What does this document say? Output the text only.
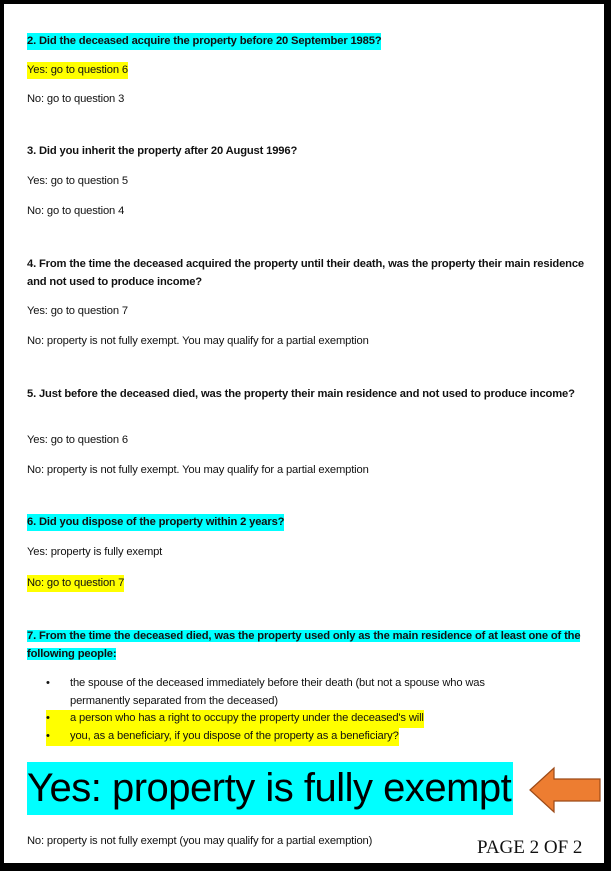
2. Did the deceased acquire the property before 20 September 1985?
Yes: go to question 6
No: go to question 3
3. Did you inherit the property after 20 August 1996?
Yes: go to question 5
No: go to question 4
4. From the time the deceased acquired the property until their death, was the property their main residence and not used to produce income?
Yes: go to question 7
No: property is not fully exempt. You may qualify for a partial exemption
5. Just before the deceased died, was the property their main residence and not used to produce income?
Yes: go to question 6
No: property is not fully exempt. You may qualify for a partial exemption
6. Did you dispose of the property within 2 years?
Yes: property is fully exempt
No: go to question 7
7. From the time the deceased died, was the property used only as the main residence of at least one of the following people:
• the spouse of the deceased immediately before their death (but not a spouse who was permanently separated from the deceased)
• a person who has a right to occupy the property under the deceased's will
• you, as a beneficiary, if you dispose of the property as a beneficiary?
Yes: property is fully exempt
No: property is not fully exempt (you may qualify for a partial exemption)	PAGE 2 OF 2
